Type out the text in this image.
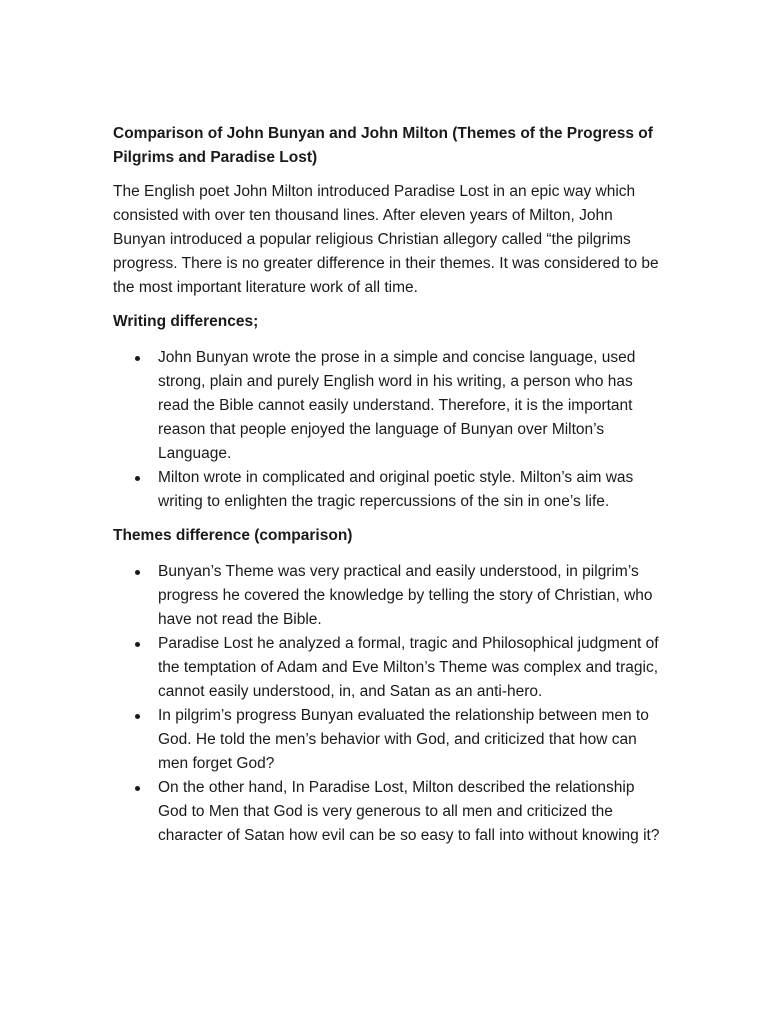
Comparison of John Bunyan and John Milton (Themes of the Progress of Pilgrims and Paradise Lost)
The English poet John Milton introduced Paradise Lost in an epic way which consisted with over ten thousand lines. After eleven years of Milton, John Bunyan introduced a popular religious Christian allegory called “the pilgrims progress. There is no greater difference in their themes. It was considered to be the most important literature work of all time.
Writing differences;
John Bunyan wrote the prose in a simple and concise language, used strong, plain and purely English word in his writing, a person who has read the Bible cannot easily understand. Therefore, it is the important reason that people enjoyed the language of Bunyan over Milton’s Language.
Milton wrote in complicated and original poetic style. Milton’s aim was writing to enlighten the tragic repercussions of the sin in one’s life.
Themes difference (comparison)
Bunyan’s Theme was very practical and easily understood, in pilgrim’s progress he covered the knowledge by telling the story of Christian, who have not read the Bible.
Paradise Lost he analyzed a formal, tragic and Philosophical judgment of the temptation of Adam and Eve Milton’s Theme was complex and tragic, cannot easily understood, in, and Satan as an anti-hero.
In pilgrim’s progress Bunyan evaluated the relationship between men to God. He told the men’s behavior with God, and criticized that how can men forget God?
On the other hand, In Paradise Lost, Milton described the relationship God to Men that God is very generous to all men and criticized the character of Satan how evil can be so easy to fall into without knowing it?
